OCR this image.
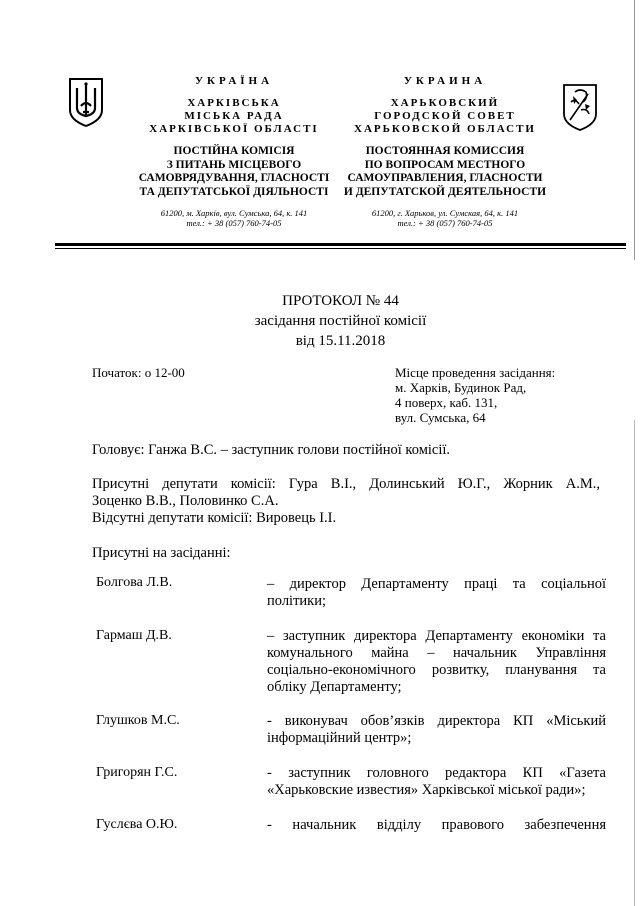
УКРАЇНА
ХАРКІВСЬКА
МІСЬКА РАДА
ХАРКІВСЬКОЇ ОБЛАСТІ
ПОСТІЙНА КОМІСІЯ
З ПИТАНЬ МІСЦЕВОГО
САМОВРЯДУВАННЯ, ГЛАСНОСТІ
ТА ДЕПУТАТСЬКОЇ ДІЯЛЬНОСТІ
61200, м. Харків, вул. Сумська, 64, к. 141
тел.: + 38 (057) 760-74-05
УКРАИНА
ХАРЬКОВСКИЙ
ГОРОДСКОЙ СОВЕТ
ХАРЬКОВСКОЙ ОБЛАСТИ
ПОСТОЯННАЯ КОМИССИЯ
ПО ВОПРОСАМ МЕСТНОГО
САМОУПРАВЛЕНИЯ, ГЛАСНОСТИ
И ДЕПУТАТСКОЙ ДЕЯТЕЛЬНОСТИ
61200, г. Харьков, ул. Сумская, 64, к. 141
тел.: + 38 (057) 760-74-05
ПРОТОКОЛ № 44
засідання постійної комісії
від 15.11.2018
Початок: о 12-00	Місце проведення засідання:
м. Харків, Будинок Рад,
4 поверх, каб. 131,
вул. Сумська, 64
Головує: Ганжа В.С. – заступник голови постійної комісії.
Присутні депутати комісії: Гура В.І., Долинський Ю.Г., Жорник А.М.,
Зоценко В.В., Половинко С.А.
Відсутні депутати комісії: Вировець І.І.
Присутні на засіданні:
Болгова Л.В.	– директор Департаменту праці та соціальної
політики;
Гармаш Д.В.	– заступник директора Департаменту економіки та
комунального майна – начальник Управління
соціально-економічного розвитку, планування та
обліку Департаменту;
Глушков М.С.	- виконувач обов’язків директора КП «Міський
інформаційний центр»;
Григорян Г.С.	- заступник головного редактора КП «Газета
«Харьковские известия» Харківської міської ради»;
Гуслєва О.Ю.	- начальник відділу правового забезпечення
